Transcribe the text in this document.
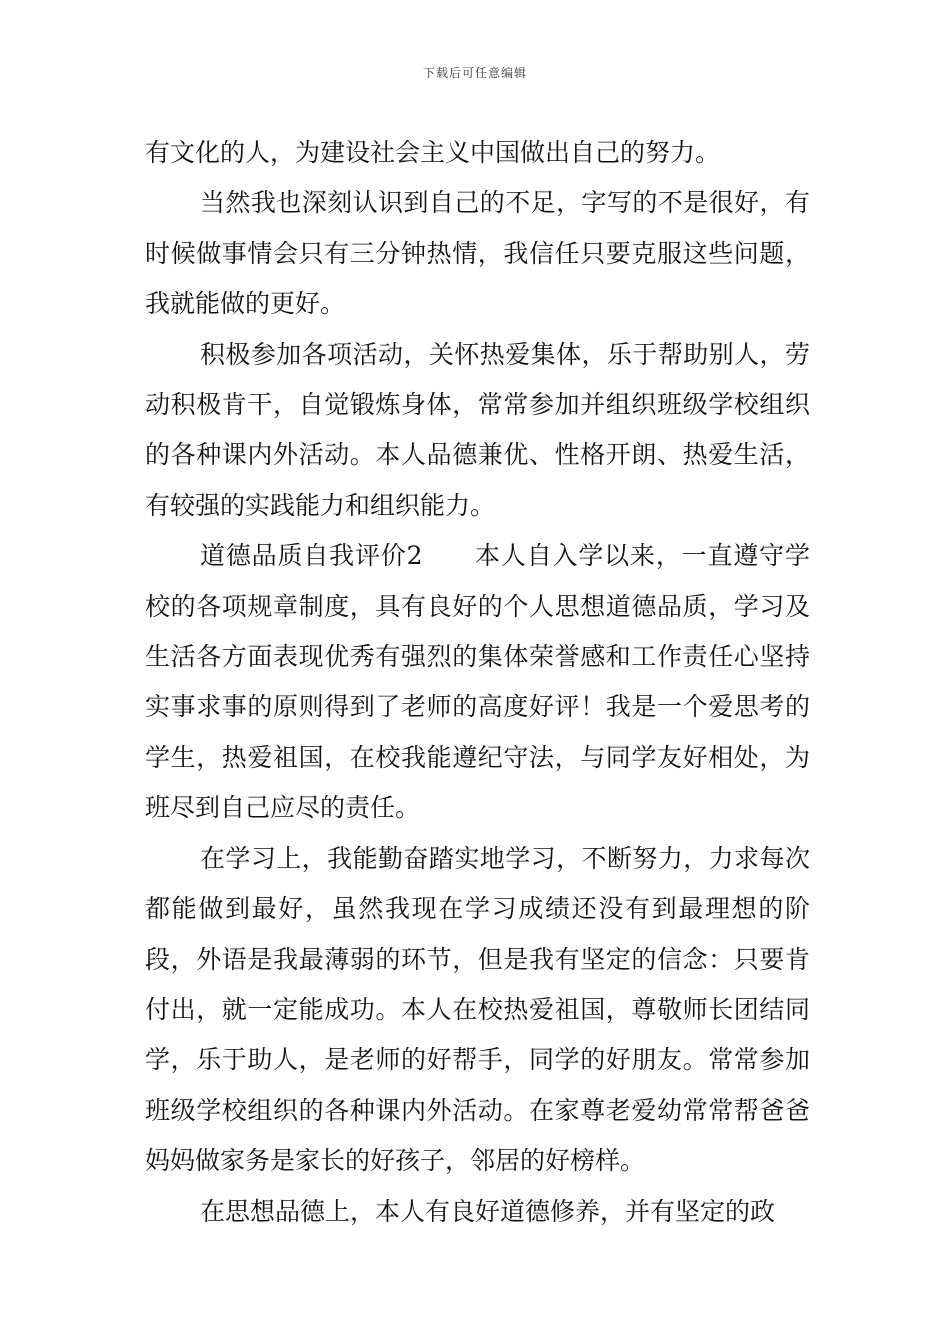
下载后可任意编辑

有文化的人，为建设社会主义中国做出自己的努力。

当然我也深刻认识到自己的不足，字写的不是很好，有时候做事情会只有三分钟热情，我信任只要克服这些问题，我就能做的更好。

积极参加各项活动，关怀热爱集体，乐于帮助别人，劳动积极肯干，自觉锻炼身体，常常参加并组织班级学校组织的各种课内外活动。本人品德兼优、性格开朗、热爱生活，有较强的实践能力和组织能力。

道德品质自我评价2　　本人自入学以来，一直遵守学校的各项规章制度，具有良好的个人思想道德品质，学习及生活各方面表现优秀有强烈的集体荣誉感和工作责任心坚持实事求事的原则得到了老师的高度好评！我是一个爱思考的学生，热爱祖国，在校我能遵纪守法，与同学友好相处，为班尽到自己应尽的责任。

在学习上，我能勤奋踏实地学习，不断努力，力求每次都能做到最好，虽然我现在学习成绩还没有到最理想的阶段，外语是我最薄弱的环节，但是我有坚定的信念：只要肯付出，就一定能成功。本人在校热爱祖国，尊敬师长团结同学，乐于助人，是老师的好帮手，同学的好朋友。常常参加班级学校组织的各种课内外活动。在家尊老爱幼常常帮爸爸妈妈做家务是家长的好孩子，邻居的好榜样。

在思想品德上，本人有良好道德修养，并有坚定的政
